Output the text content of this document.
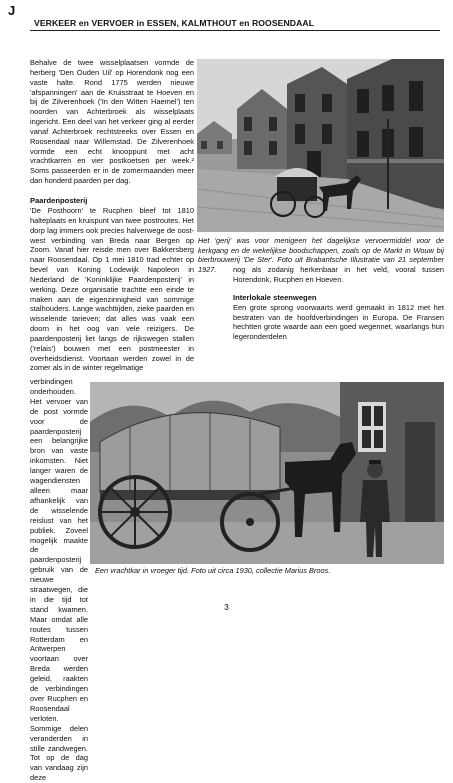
J
VERKEER en VERVOER in ESSEN, KALMTHOUT en ROOSENDAAL

Behalve de twee wisselplaatsen vormde de herberg 'Den Ouden Uil' op Horendonk nog een vaste halte. Rond 1775 werden nieuwe 'afspanningen' aan de Kruisstraat te Hoeven en bij de Zilverenhoek ('In den Witten Haemel') ten noorden van Achterbroek als wisselplaats ingericht. Een deel van het verkeer ging al eerder vanaf Achterbroek rechtstreeks over Essen en Roosendaal naar Willemstad. De Zilverenhoek vormde een echt knooppunt met acht vrachtkarren en vier postkoetsen per week.² Soms passeerden er in de zomermaanden meer dan honderd paarden per dag.

Paardenposterij

'De Posthoorn' te Rucphen bleef tot 1810 halteplaats en kruispunt van twee postroutes. Het dorp lag immers ook precies halverwege de oost-west verbinding van Breda naar Bergen op Zoom. Vanaf hier reisde men over Bakkersberg naar Roosendaal. Op 1 mei 1810 trad echter op bevel van Koning Lodewijk Napoleon in Nederland de 'Koninklijke Paardenposterij' in werking. Deze organisatie trachtte een einde te maken aan de eigenzinnigheid van sommige stalhouders. Lange wachttijden, zieke paarden en wisselende tarieven; dat alles was vaak een doorn in het oog van vele reizigers. De paardenposterij liet langs de rijkswegen stallen ('relais') bouwen met een postmeester in overheidsdienst. Voortaan werden zowel in de zomer als in de winter regelmatige

verbindingen onderhouden. Het vervoer van de post vormde voor de paardenposterij een belangrijke bron van vaste inkomsten. Niet langer waren de wagendiensten alleen maar afhankelijk van de wisselende reislust van het publiek. Zoveel mogelijk maakte de paardenposterij gebruik van de nieuwe straatwegen, die in die tijd tot stand kwamen. Maar omdat alle routes tussen Rotterdam en Antwerpen voortaan over Breda werden geleid, raakten de verbindingen over Rucphen en Roosendaal verloten. Sommige delen veranderden in stille zandwegen. Tot op de dag van vandaag zijn deze

Het 'gerij' was voor menigeen het dagelijkse vervoermiddel voor de kerkgang en de wekelijkse boodschappen, zoals op de Markt in Wouw bij bierbrouwerij 'De Ster'. Foto uit Brabantsche Illustratie van 21 september 1927.	nog als zodanig herkenbaar in het veld, vooral tussen Horendonk, Rucphen en Hoeven.

Interlokale steenwegen

Een grote sprong voorwaarts werd gemaakt in 1812 met het bestraten van de hoofdverbindingen in Europa. De Fransen hechtten grote waarde aan een goed wegennet, waarlangs hun legeronderdelen

Een vrachtkar in vroeger tijd. Foto uit circa 1930, collectie Marius Broos.
3
